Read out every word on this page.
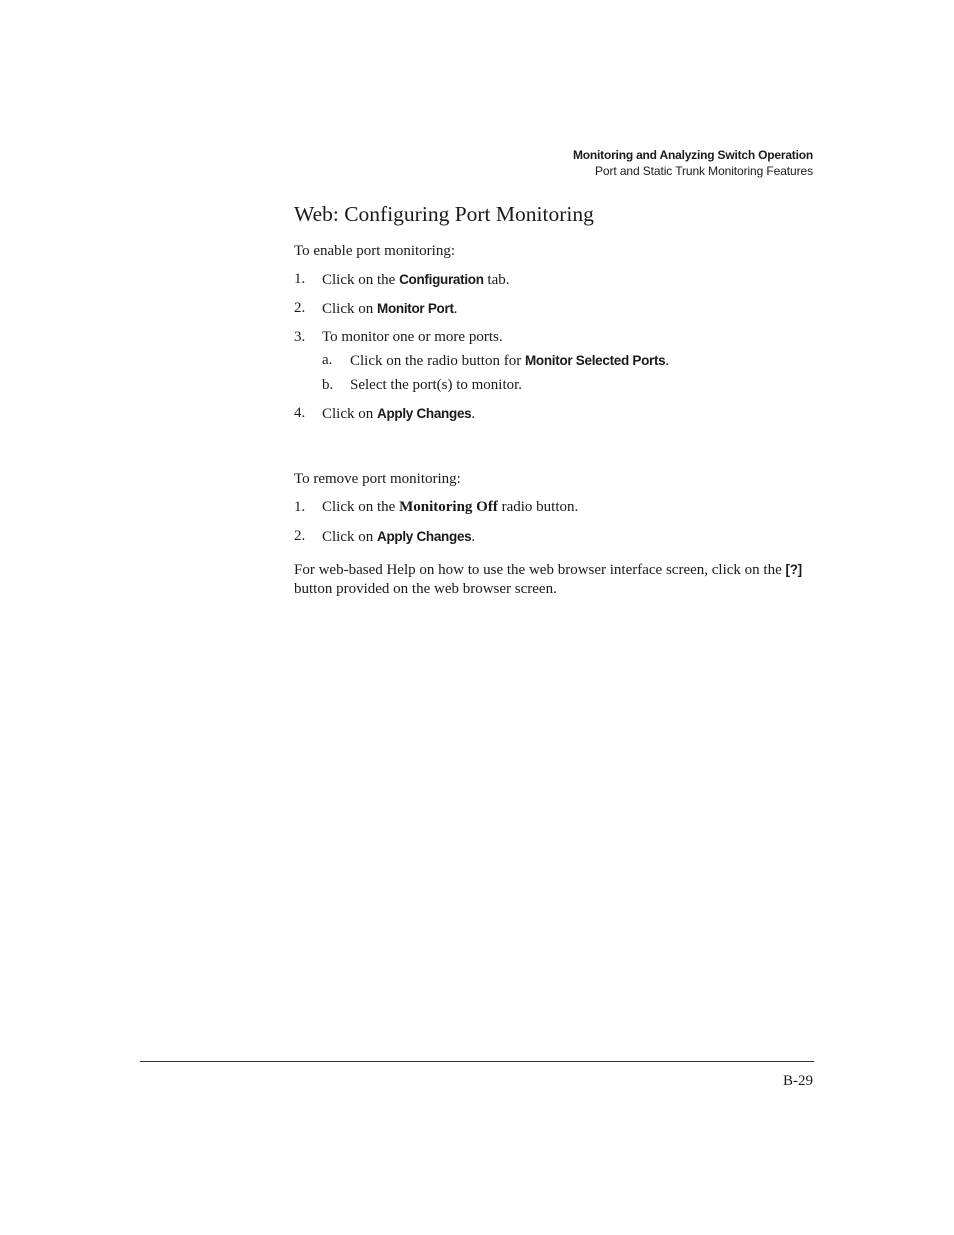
Monitoring and Analyzing Switch Operation
Port and Static Trunk Monitoring Features
Web: Configuring Port Monitoring

To enable port monitoring:

1. Click on the Configuration tab.
2. Click on Monitor Port.
3. To monitor one or more ports.
a. Click on the radio button for Monitor Selected Ports.
b. Select the port(s) to monitor.
4. Click on Apply Changes.

To remove port monitoring:

1. Click on the Monitoring Off radio button.
2. Click on Apply Changes.

For web-based Help on how to use the web browser interface screen, click on the [?] button provided on the web browser screen.

B-29
